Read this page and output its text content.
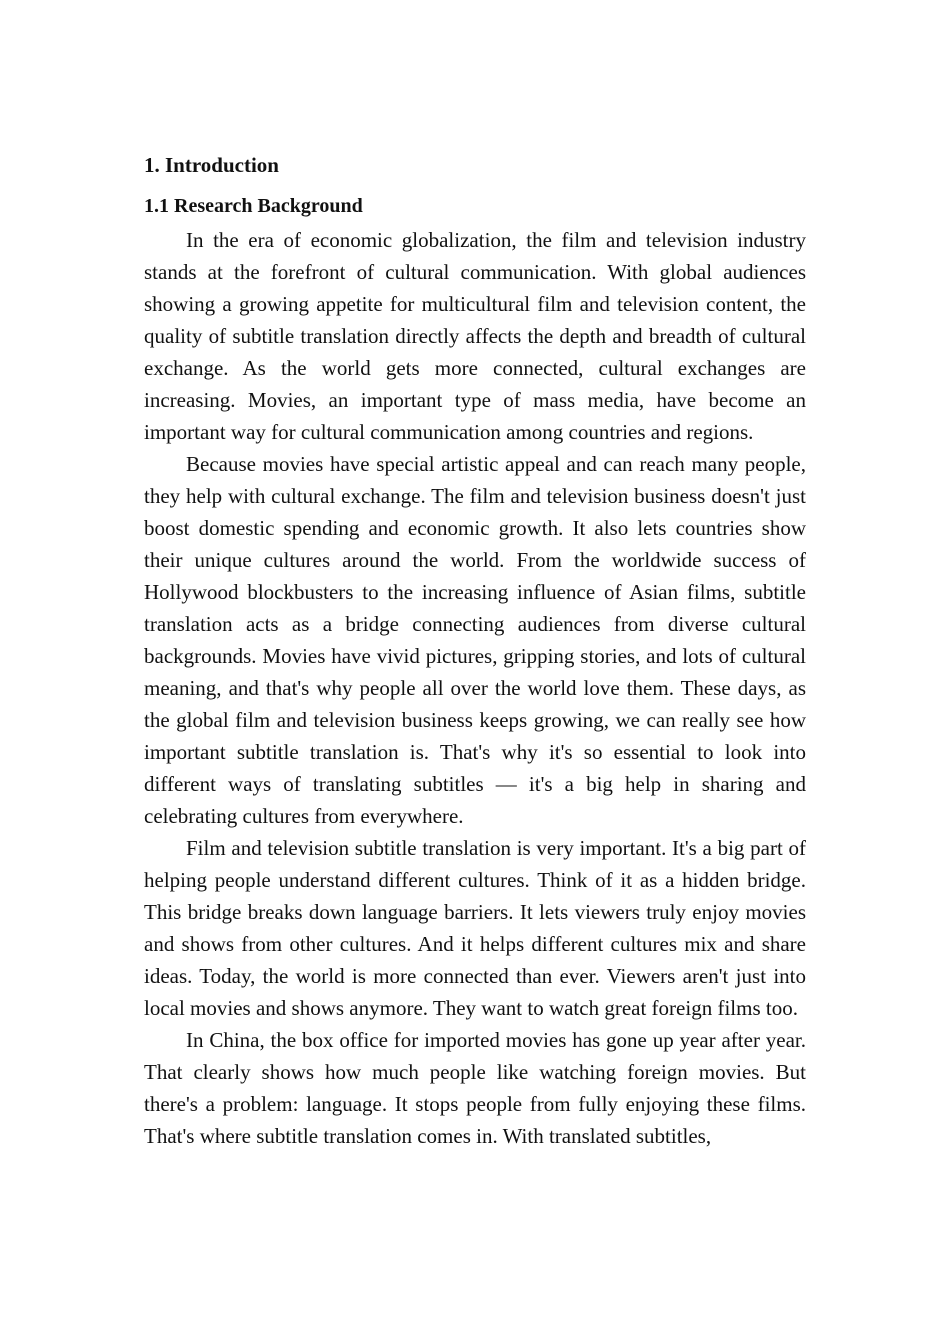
1. Introduction
1.1 Research Background

In the era of economic globalization, the film and television industry stands at the forefront of cultural communication. With global audiences showing a growing appetite for multicultural film and television content, the quality of subtitle translation directly affects the depth and breadth of cultural exchange. As the world gets more connected, cultural exchanges are increasing. Movies, an important type of mass media, have become an important way for cultural communication among countries and regions.

Because movies have special artistic appeal and can reach many people, they help with cultural exchange. The film and television business doesn't just boost domestic spending and economic growth. It also lets countries show their unique cultures around the world. From the worldwide success of Hollywood blockbusters to the increasing influence of Asian films, subtitle translation acts as a bridge connecting audiences from diverse cultural backgrounds. Movies have vivid pictures, gripping stories, and lots of cultural meaning, and that's why people all over the world love them. These days, as the global film and television business keeps growing, we can really see how important subtitle translation is. That's why it's so essential to look into different ways of translating subtitles — it's a big help in sharing and celebrating cultures from everywhere.

Film and television subtitle translation is very important. It's a big part of helping people understand different cultures. Think of it as a hidden bridge. This bridge breaks down language barriers. It lets viewers truly enjoy movies and shows from other cultures. And it helps different cultures mix and share ideas. Today, the world is more connected than ever. Viewers aren't just into local movies and shows anymore. They want to watch great foreign films too.

In China, the box office for imported movies has gone up year after year. That clearly shows how much people like watching foreign movies. But there's a problem: language. It stops people from fully enjoying these films. That's where subtitle translation comes in. With translated subtitles,
